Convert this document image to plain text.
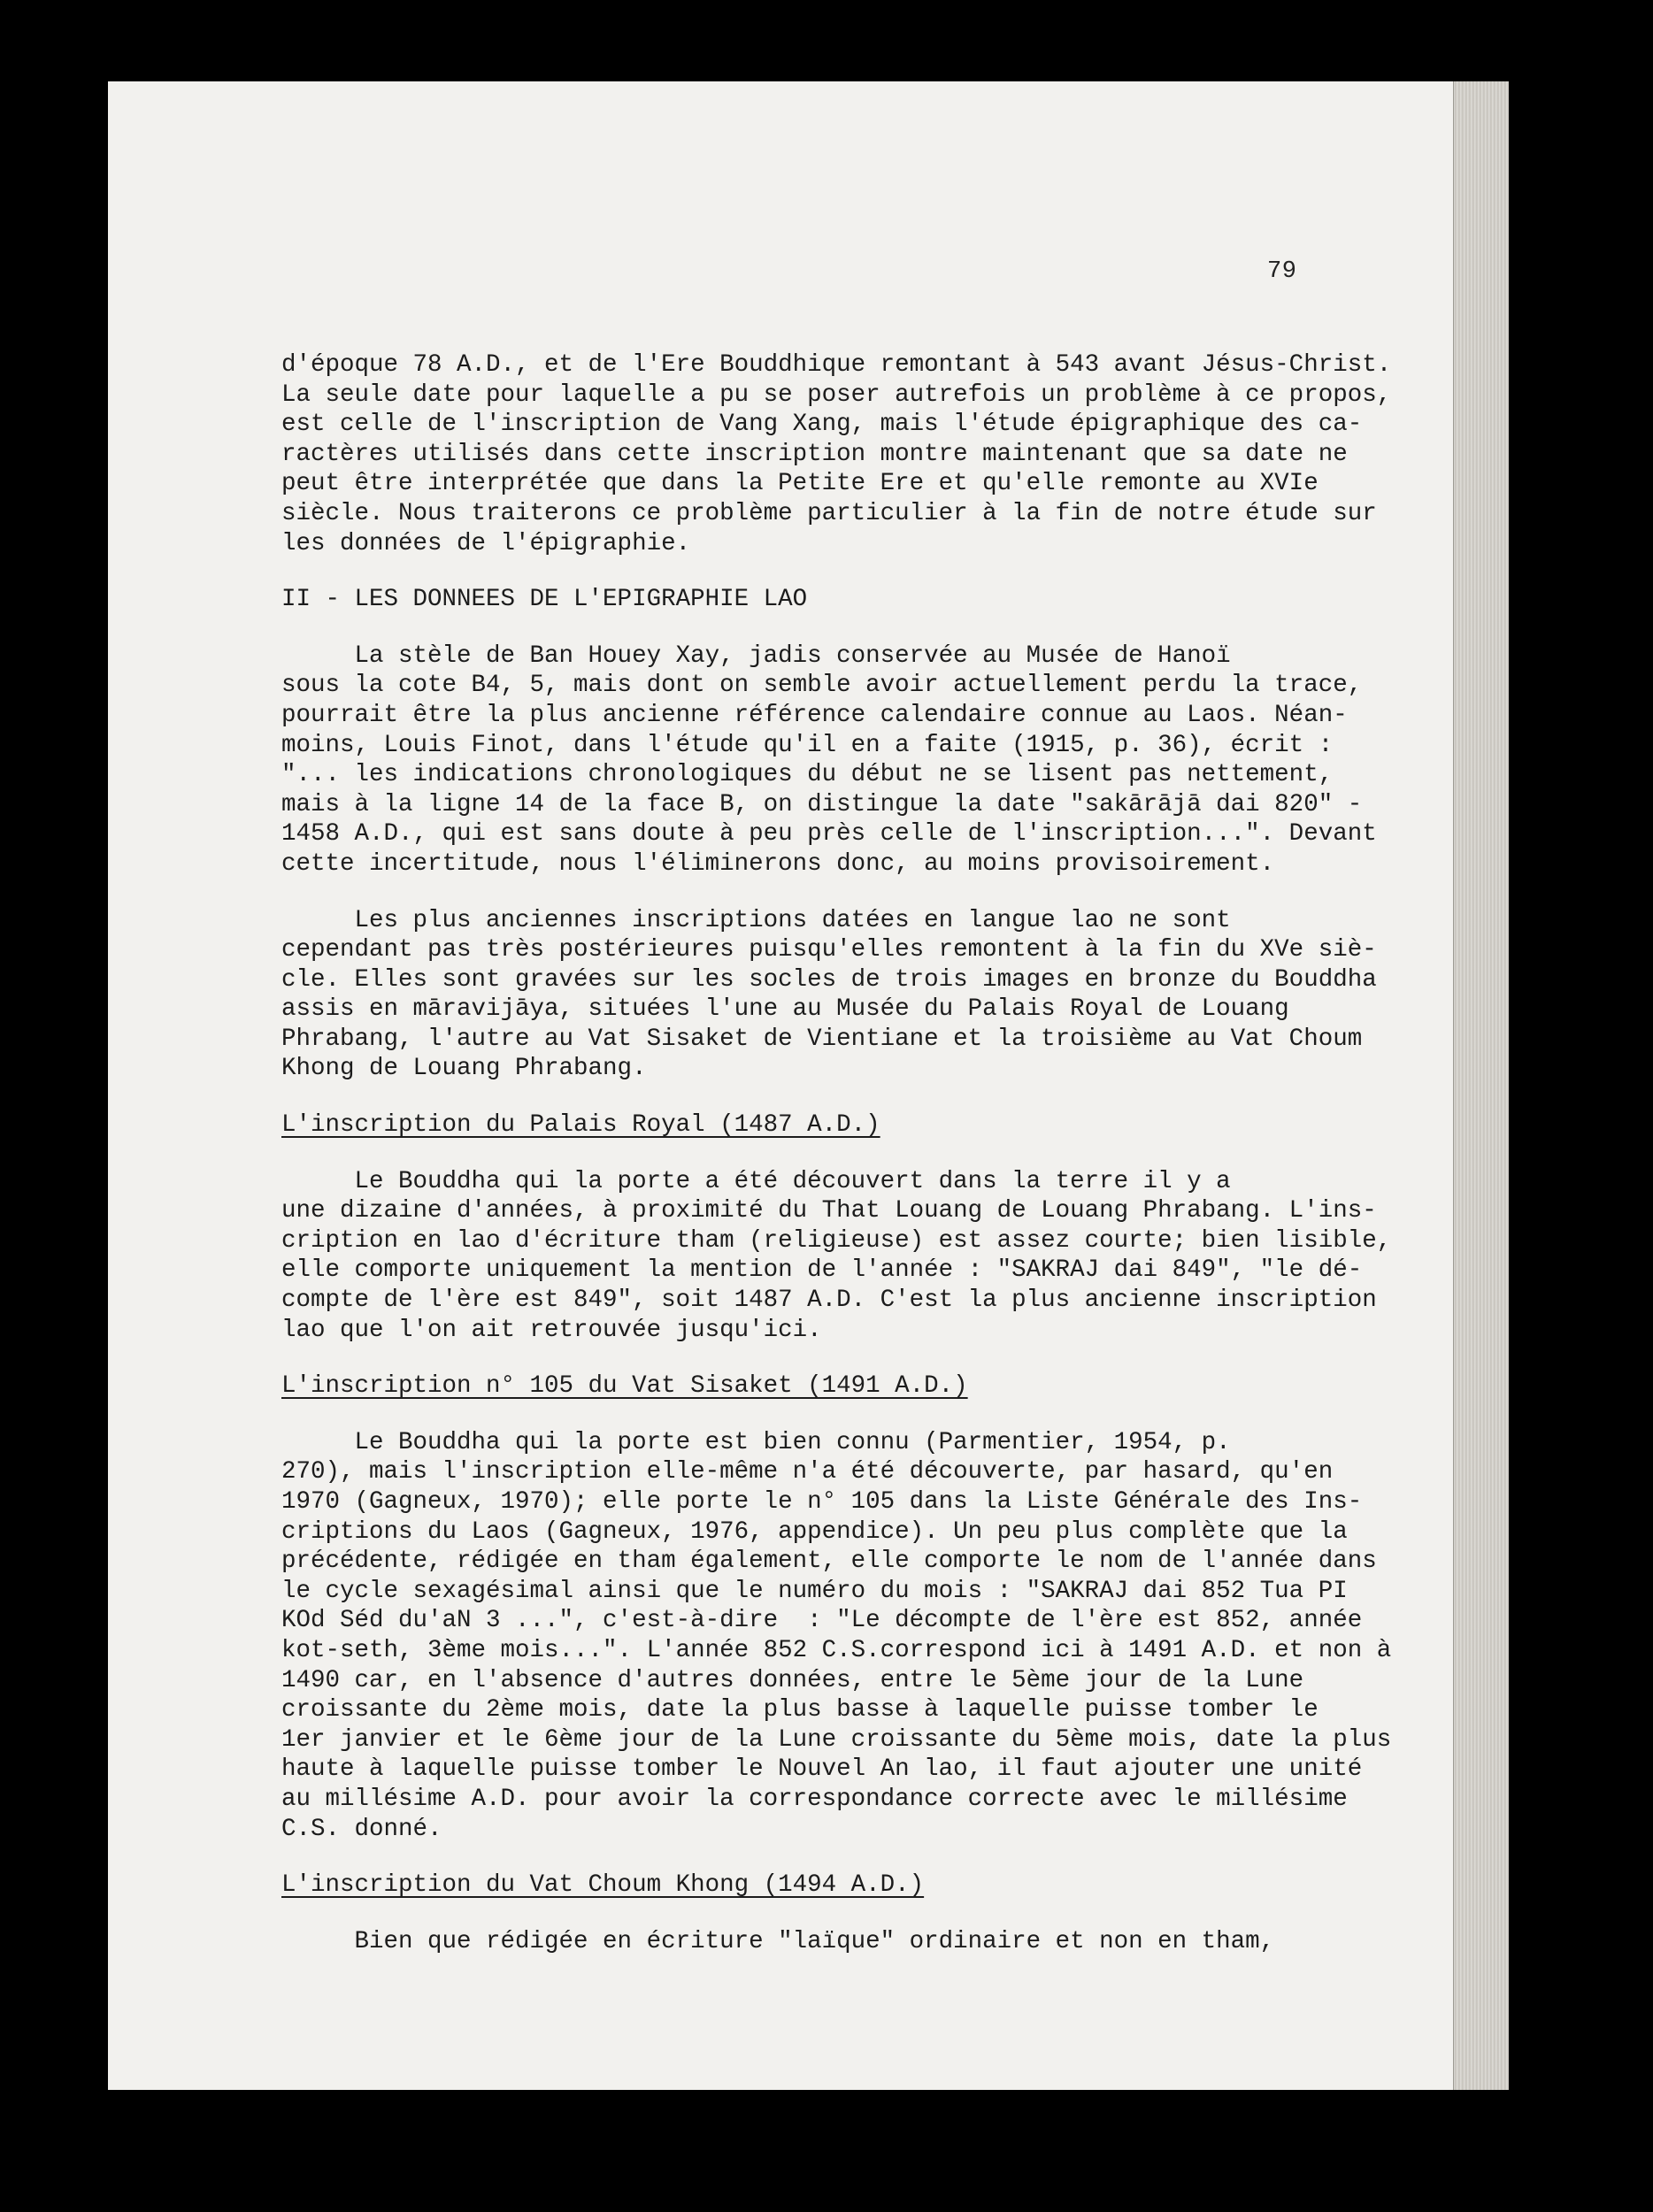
79
d'époque 78 A.D., et de l'Ere Bouddhique remontant à 543 avant Jésus-Christ.
La seule date pour laquelle a pu se poser autrefois un problème à ce propos,
est celle de l'inscription de Vang Xang, mais l'étude épigraphique des ca-
ractères utilisés dans cette inscription montre maintenant que sa date ne
peut être interprétée que dans la Petite Ere et qu'elle remonte au XVIe
siècle. Nous traiterons ce problème particulier à la fin de notre étude sur
les données de l'épigraphie.
II - LES DONNEES DE L'EPIGRAPHIE LAO
La stèle de Ban Houey Xay, jadis conservée au Musée de Hanoï
sous la cote B4, 5, mais dont on semble avoir actuellement perdu la trace,
pourrait être la plus ancienne référence calendaire connue au Laos. Néan-
moins, Louis Finot, dans l'étude qu'il en a faite (1915, p. 36), écrit :
"... les indications chronologiques du début ne se lisent pas nettement,
mais à la ligne 14 de la face B, on distingue la date "sakārājā dai 820" -
1458 A.D., qui est sans doute à peu près celle de l'inscription...". Devant
cette incertitude, nous l'éliminerons donc, au moins provisoirement.
Les plus anciennes inscriptions datées en langue lao ne sont
cependant pas très postérieures puisqu'elles remontent à la fin du XVe siè-
cle. Elles sont gravées sur les socles de trois images en bronze du Bouddha
assis en māravijāya, situées l'une au Musée du Palais Royal de Louang
Phrabang, l'autre au Vat Sisaket de Vientiane et la troisième au Vat Choum
Khong de Louang Phrabang.
L'inscription du Palais Royal (1487 A.D.)
Le Bouddha qui la porte a été découvert dans la terre il y a
une dizaine d'années, à proximité du That Louang de Louang Phrabang. L'ins-
cription en lao d'écriture tham (religieuse) est assez courte; bien lisible,
elle comporte uniquement la mention de l'année : "SAKRAJ dai 849", "le dé-
compte de l'ère est 849", soit 1487 A.D. C'est la plus ancienne inscription
lao que l'on ait retrouvée jusqu'ici.
L'inscription n° 105 du Vat Sisaket (1491 A.D.)
Le Bouddha qui la porte est bien connu (Parmentier, 1954, p.
270), mais l'inscription elle-même n'a été découverte, par hasard, qu'en
1970 (Gagneux, 1970); elle porte le n° 105 dans la Liste Générale des Ins-
criptions du Laos (Gagneux, 1976, appendice). Un peu plus complète que la
précédente, rédigée en tham également, elle comporte le nom de l'année dans
le cycle sexagésimal ainsi que le numéro du mois : "SAKRAJ dai 852 Tua PI
KOd Séd du'aN 3 ...", c'est-à-dire  : "Le décompte de l'ère est 852, année
kot-seth, 3ème mois...". L'année 852 C.S.correspond ici à 1491 A.D. et non à
1490 car, en l'absence d'autres données, entre le 5ème jour de la Lune
croissante du 2ème mois, date la plus basse à laquelle puisse tomber le
1er janvier et le 6ème jour de la Lune croissante du 5ème mois, date la plus
haute à laquelle puisse tomber le Nouvel An lao, il faut ajouter une unité
au millésime A.D. pour avoir la correspondance correcte avec le millésime
C.S. donné.
L'inscription du Vat Choum Khong (1494 A.D.)
Bien que rédigée en écriture "laïque" ordinaire et non en tham,
